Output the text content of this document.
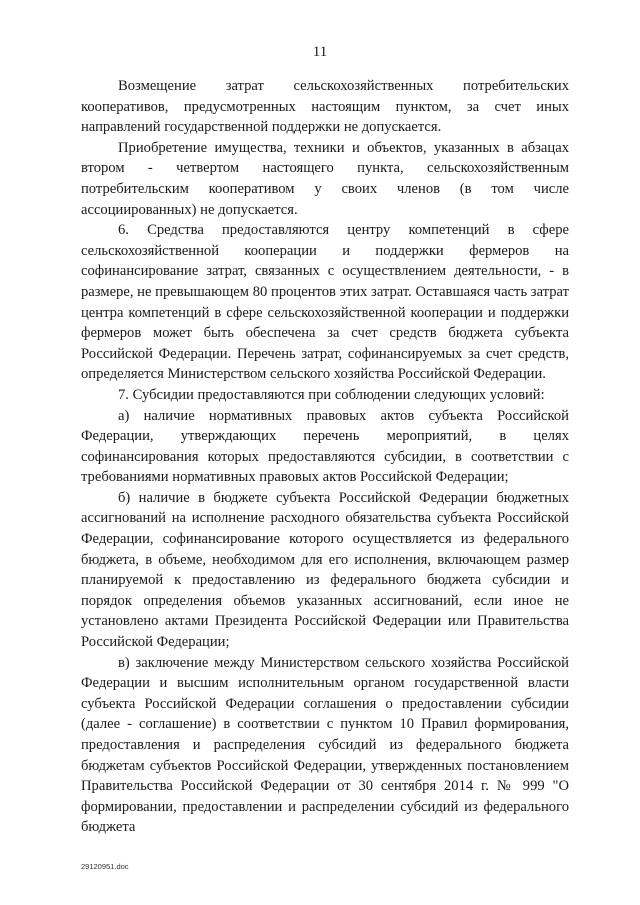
11

Возмещение затрат сельскохозяйственных потребительских кооперативов, предусмотренных настоящим пунктом, за счет иных направлений государственной поддержки не допускается.

Приобретение имущества, техники и объектов, указанных в абзацах втором - четвертом настоящего пункта, сельскохозяйственным потребительским кооперативом у своих членов (в том числе ассоциированных) не допускается.

6. Средства предоставляются центру компетенций в сфере сельскохозяйственной кооперации и поддержки фермеров на софинансирование затрат, связанных с осуществлением деятельности, - в размере, не превышающем 80 процентов этих затрат. Оставшаяся часть затрат центра компетенций в сфере сельскохозяйственной кооперации и поддержки фермеров может быть обеспечена за счет средств бюджета субъекта Российской Федерации. Перечень затрат, софинансируемых за счет средств, определяется Министерством сельского хозяйства Российской Федерации.

7. Субсидии предоставляются при соблюдении следующих условий:

а) наличие нормативных правовых актов субъекта Российской Федерации, утверждающих перечень мероприятий, в целях софинансирования которых предоставляются субсидии, в соответствии с требованиями нормативных правовых актов Российской Федерации;

б) наличие в бюджете субъекта Российской Федерации бюджетных ассигнований на исполнение расходного обязательства субъекта Российской Федерации, софинансирование которого осуществляется из федерального бюджета, в объеме, необходимом для его исполнения, включающем размер планируемой к предоставлению из федерального бюджета субсидии и порядок определения объемов указанных ассигнований, если иное не установлено актами Президента Российской Федерации или Правительства Российской Федерации;

в) заключение между Министерством сельского хозяйства Российской Федерации и высшим исполнительным органом государственной власти субъекта Российской Федерации соглашения о предоставлении субсидии (далее - соглашение) в соответствии с пунктом 10 Правил формирования, предоставления и распределения субсидий из федерального бюджета бюджетам субъектов Российской Федерации, утвержденных постановлением Правительства Российской Федерации от 30 сентября 2014 г. № 999 "О формировании, предоставлении и распределении субсидий из федерального бюджета

29120951.doc
